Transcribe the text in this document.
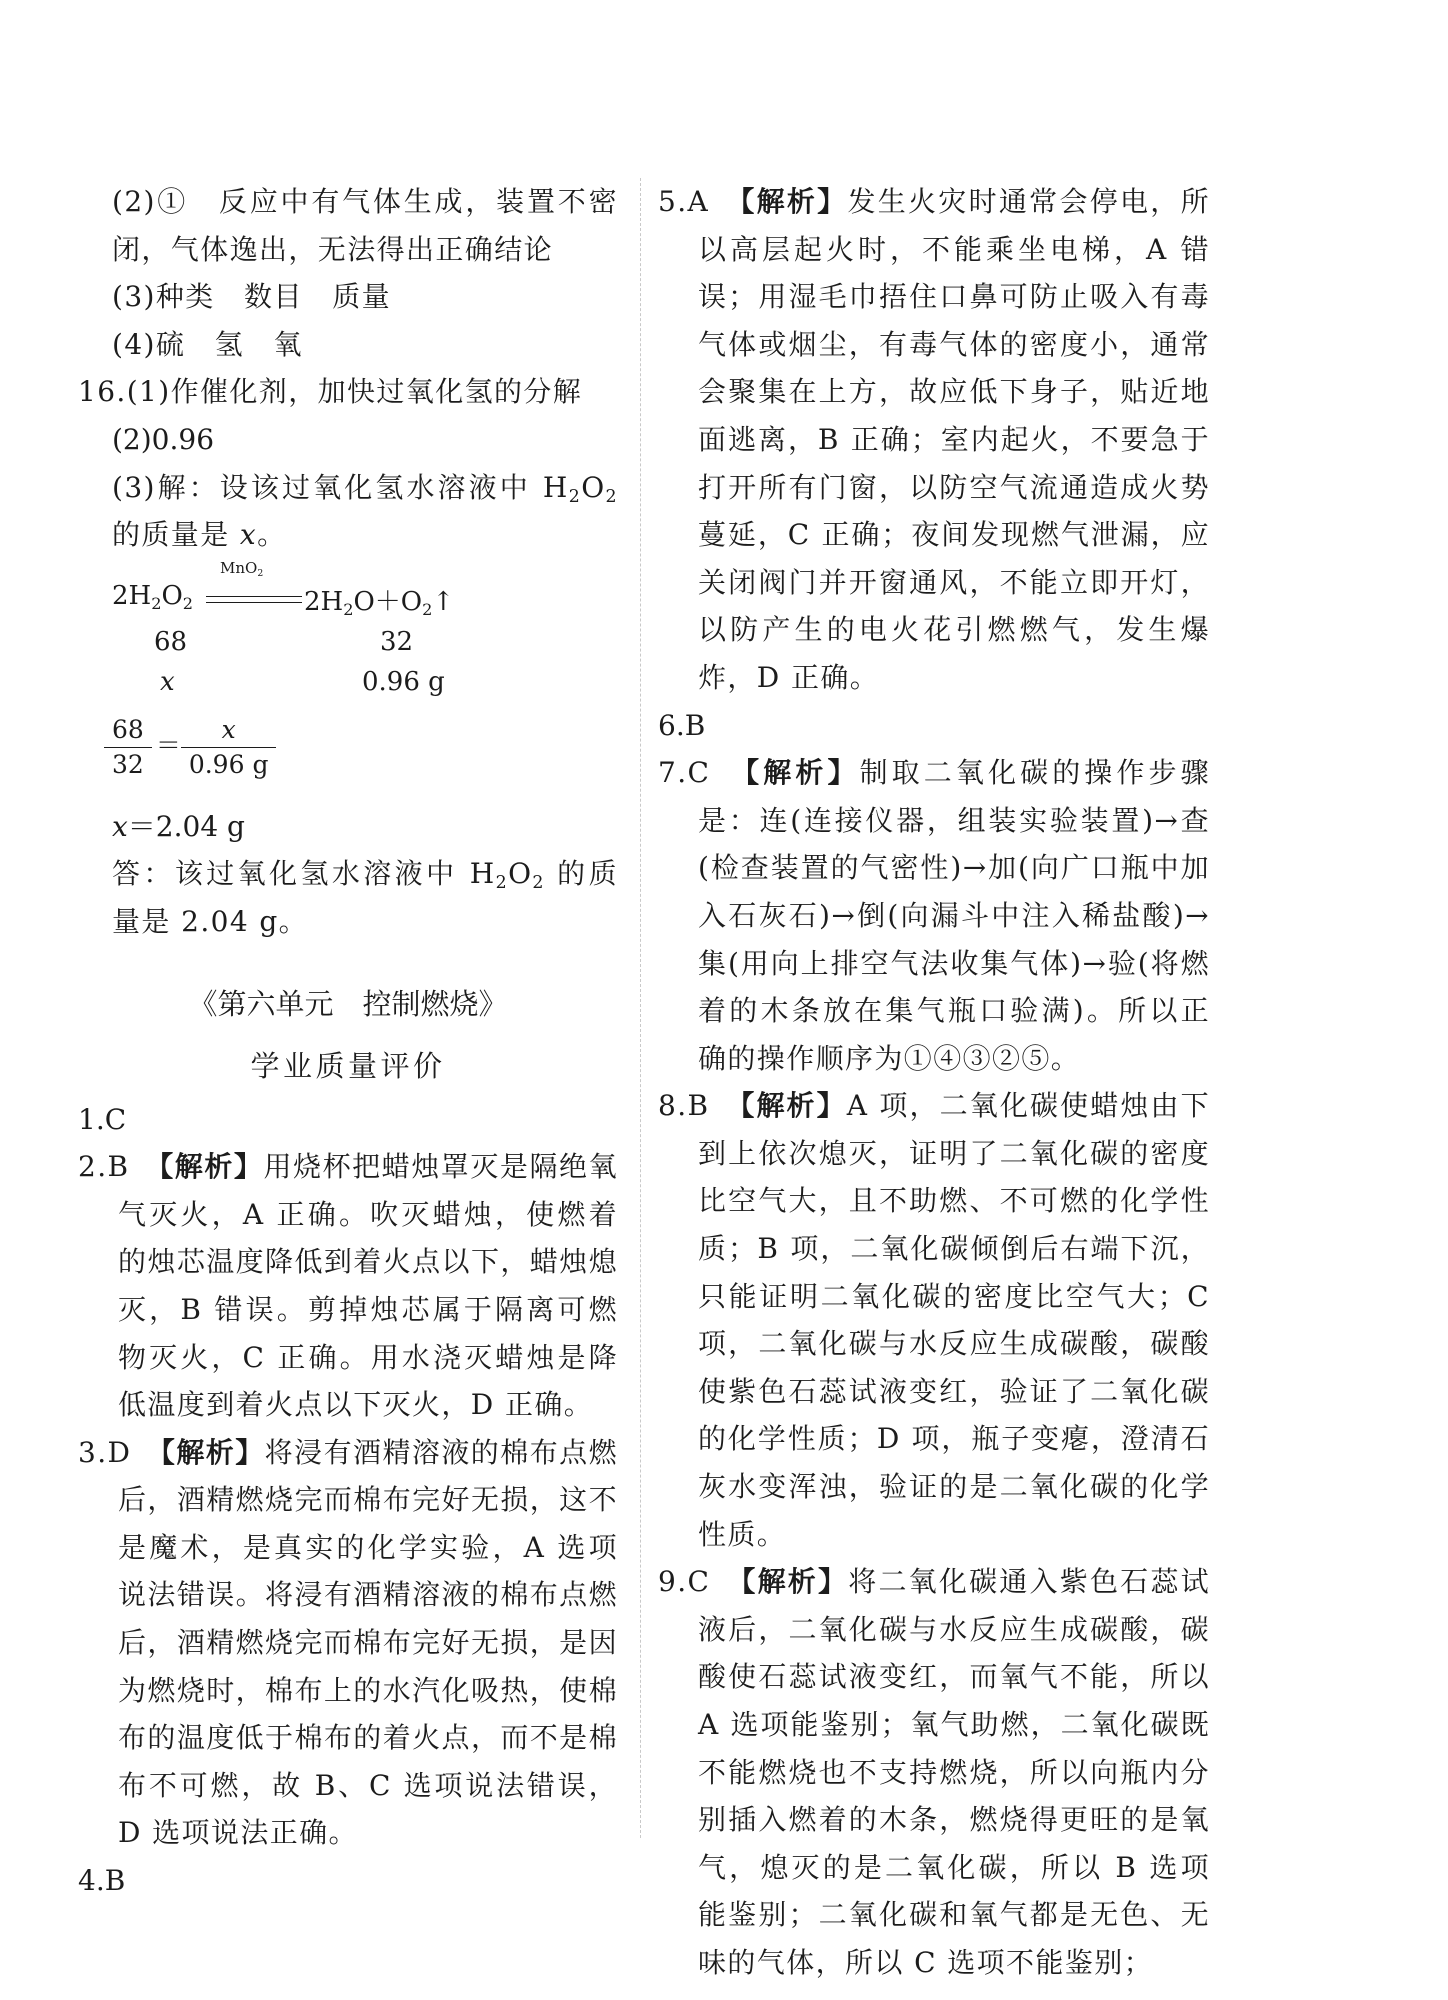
(2)①　反应中有气体生成，装置不密闭，气体逸出，无法得出正确结论

(3)种类　数目　质量

(4)硫　氢　氧

16.(1)作催化剂，加快过氧化氢的分解

(2)0.96

(3)解：设该过氧化氢水溶液中 $H_2O_2$ 的质量是 x。

$2H_2O_2$
MnO$_2$
$2H_2O+O_2↑$
68	32
x	0.96 g
$\frac{68}{32} = \frac{x}{0.96 g}$

x＝2.04 g

答：该过氧化氢水溶液中 $H_2O_2$ 的质量是 2.04 g。

《第六单元　控制燃烧》
学业质量评价

1.C

2.B　【解析】用烧杯把蜡烛罩灭是隔绝氧气灭火，A 正确。吹灭蜡烛，使燃着的烛芯温度降低到着火点以下，蜡烛熄灭，B 错误。剪掉烛芯属于隔离可燃物灭火，C 正确。用水浇灭蜡烛是降低温度到着火点以下灭火，D 正确。

3.D　【解析】将浸有酒精溶液的棉布点燃后，酒精燃烧完而棉布完好无损，这不是魔术，是真实的化学实验，A 选项说法错误。将浸有酒精溶液的棉布点燃后，酒精燃烧完而棉布完好无损，是因为燃烧时，棉布上的水汽化吸热，使棉布的温度低于棉布的着火点，而不是棉布不可燃，故 B、C 选项说法错误，D 选项说法正确。

4.B

5.A　【解析】发生火灾时通常会停电，所以高层起火时，不能乘坐电梯，A 错误；用湿毛巾捂住口鼻可防止吸入有毒气体或烟尘，有毒气体的密度小，通常会聚集在上方，故应低下身子，贴近地面逃离，B 正确；室内起火，不要急于打开所有门窗，以防空气流通造成火势蔓延，C 正确；夜间发现燃气泄漏，应关闭阀门并开窗通风，不能立即开灯，以防产生的电火花引燃燃气，发生爆炸，D 正确。

6.B

7.C　【解析】制取二氧化碳的操作步骤是：连(连接仪器，组装实验装置)→查(检查装置的气密性)→加(向广口瓶中加入石灰石)→倒(向漏斗中注入稀盐酸)→集(用向上排空气法收集气体)→验(将燃着的木条放在集气瓶口验满)。所以正确的操作顺序为①④③②⑤。

8.B　【解析】A 项，二氧化碳使蜡烛由下到上依次熄灭，证明了二氧化碳的密度比空气大，且不助燃、不可燃的化学性质；B 项，二氧化碳倾倒后右端下沉，只能证明二氧化碳的密度比空气大；C 项，二氧化碳与水反应生成碳酸，碳酸使紫色石蕊试液变红，验证了二氧化碳的化学性质；D 项，瓶子变瘪，澄清石灰水变浑浊，验证的是二氧化碳的化学性质。

9.C　【解析】将二氧化碳通入紫色石蕊试液后，二氧化碳与水反应生成碳酸，碳酸使石蕊试液变红，而氧气不能，所以 A 选项能鉴别；氧气助燃，二氧化碳既不能燃烧也不支持燃烧，所以向瓶内分别插入燃着的木条，燃烧得更旺的是氧气，熄灭的是二氧化碳，所以 B 选项能鉴别；二氧化碳和氧气都是无色、无味的气体，所以 C 选项不能鉴别；
